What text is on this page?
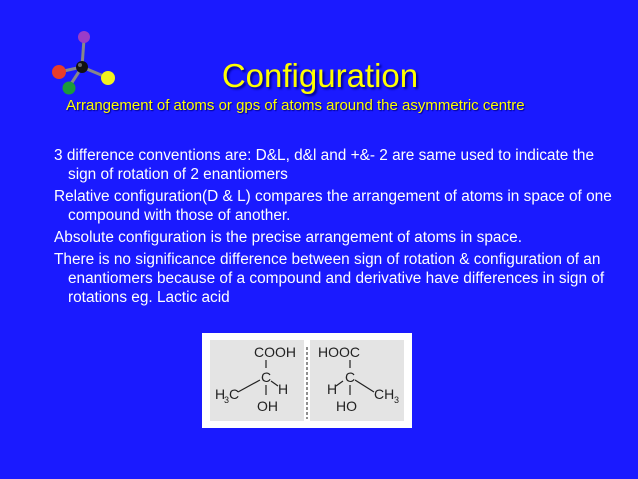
Configuration

Arrangement of atoms or gps of atoms around the asymmetric centre

3 difference conventions are: D&L, d&l and +&- 2 are same used to indicate the sign of rotation of 2 enantiomers

Relative configuration(D & L) compares the arrangement of atoms in space of one compound with those of another.

Absolute configuration is the precise arrangement of atoms in space.

There is no significance difference between sign of rotation & configuration of an enantiomers because of a compound and derivative have differences in sign of rotations eg. Lactic acid

COOH
C
H
3 C	H
OH
HOOC
C
H	CH 3
HO
